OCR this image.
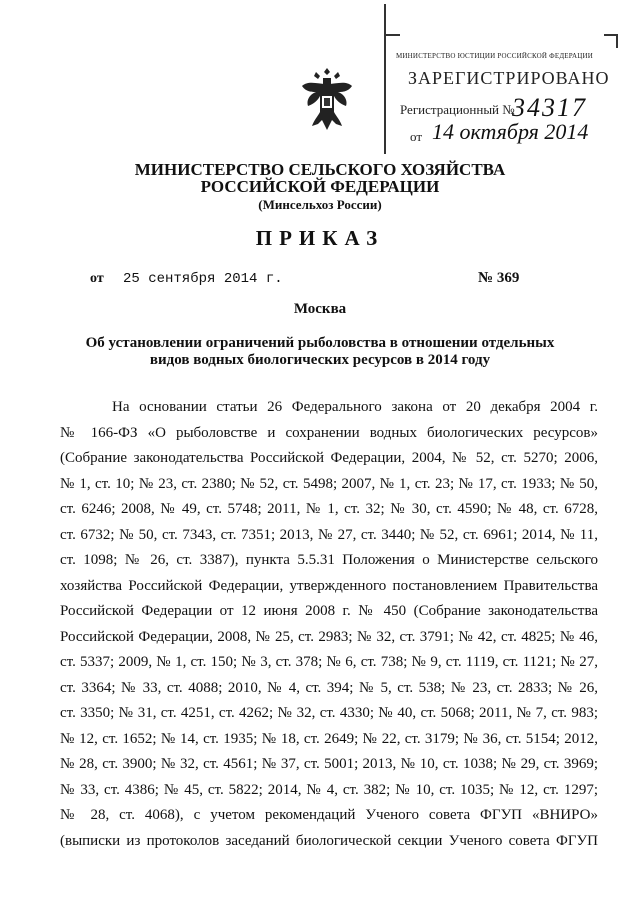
МИНИСТЕРСТВО ЮСТИЦИИ РОССИЙСКОЙ ФЕДЕРАЦИИ
ЗАРЕГИСТРИРОВАНО
Регистрационный №
34317
от 14 октября 2014
МИНИСТЕРСТВО СЕЛЬСКОГО ХОЗЯЙСТВА
РОССИЙСКОЙ ФЕДЕРАЦИИ
(Минсельхоз России)
ПРИКАЗ
от 25 сентября 2014 г.	№ 369
Москва
Об установлении ограничений рыболовства в отношении отдельных
видов водных биологических ресурсов в 2014 году
На основании статьи 26 Федерального закона от 20 декабря 2004 г.
№ 166-ФЗ «О рыболовстве и сохранении водных биологических ресурсов»
(Собрание законодательства Российской Федерации, 2004, № 52, ст. 5270; 2006,
№ 1, ст. 10; № 23, ст. 2380; № 52, ст. 5498; 2007, № 1, ст. 23; № 17, ст. 1933; № 50,
ст. 6246; 2008, № 49, ст. 5748; 2011, № 1, ст. 32; № 30, ст. 4590; № 48, ст. 6728,
ст. 6732; № 50, ст. 7343, ст. 7351; 2013, № 27, ст. 3440; № 52, ст. 6961; 2014, № 11,
ст. 1098; № 26, ст. 3387), пункта 5.5.31 Положения о Министерстве сельского
хозяйства Российской Федерации, утвержденного постановлением Правительства
Российской Федерации от 12 июня 2008 г. № 450 (Собрание законодательства
Российской Федерации, 2008, № 25, ст. 2983; № 32, ст. 3791; № 42, ст. 4825; № 46,
ст. 5337; 2009, № 1, ст. 150; № 3, ст. 378; № 6, ст. 738; № 9, ст. 1119, ст. 1121; № 27,
ст. 3364; № 33, ст. 4088; 2010, № 4, ст. 394; № 5, ст. 538; № 23, ст. 2833; № 26,
ст. 3350; № 31, ст. 4251, ст. 4262; № 32, ст. 4330; № 40, ст. 5068; 2011, № 7, ст. 983;
№ 12, ст. 1652; № 14, ст. 1935; № 18, ст. 2649; № 22, ст. 3179; № 36, ст. 5154; 2012,
№ 28, ст. 3900; № 32, ст. 4561; № 37, ст. 5001; 2013, № 10, ст. 1038; № 29, ст. 3969;
№ 33, ст. 4386; № 45, ст. 5822; 2014, № 4, ст. 382; № 10, ст. 1035; № 12, ст. 1297;
№ 28, ст. 4068), с учетом рекомендаций Ученого совета ФГУП «ВНИРО»
(выписки из протоколов заседаний биологической секции Ученого совета ФГУП
